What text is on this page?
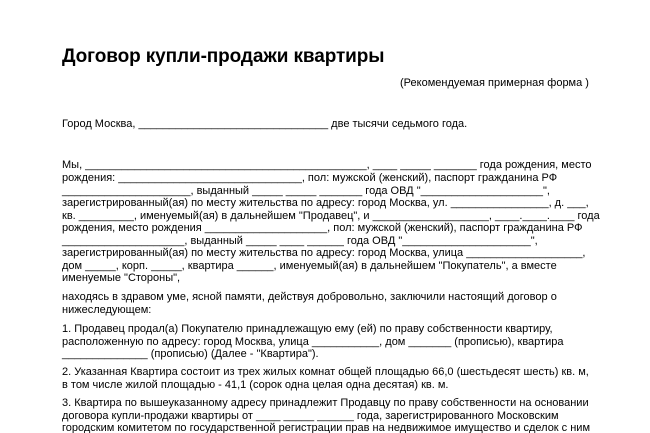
Договор купли-продажи квартиры
(Рекомендуемая примерная форма )
Город Москва, _______________________________ две тысячи седьмого года.
Мы, ______________________________________________, ____ _____ _______ года рождения, место
рождения: ______________________________, пол: мужской (женский), паспорт гражданина РФ
_____________________, выданный _____ _____ _______ года ОВД "____________________",
зарегистрированный(ая) по месту жительства по адресу: город Москва, ул. ________________, д. ___,
кв. _________, именуемый(ая) в дальнейшем "Продавец", и ___________________, ____.____.____ года
рождения, место рождения ____________________, пол: мужской (женский), паспорт гражданина РФ
____________________, выданный _____ ____ ______ года ОВД "_____________________",
зарегистрированный(ая) по месту жительства по адресу: город Москва, улица ___________________,
дом _____, корп. _____, квартира ______, именуемый(ая) в дальнейшем "Покупатель", а вместе
именуемые "Стороны",
находясь в здравом уме, ясной памяти, действуя добровольно, заключили настоящий договор о
нижеследующем:
1. Продавец продал(а) Покупателю принадлежащую ему (ей) по праву собственности квартиру,
расположенную по адресу: город Москва, улица ___________, дом _______ (прописью), квартира
______________ (прописью) (Далее - "Квартира").
2. Указанная Квартира состоит из трех жилых комнат общей площадью 66,0 (шестьдесят шесть) кв. м,
в том числе жилой площадью - 41,1 (сорок одна целая одна десятая) кв. м.
3. Квартира по вышеуказанному адресу принадлежит Продавцу по праву собственности на основании
договора купли-продажи квартиры от ____ _____ ______ года, зарегистрированного Московским
городским комитетом по государственной регистрации прав на недвижимое имущество и сделок с ним
